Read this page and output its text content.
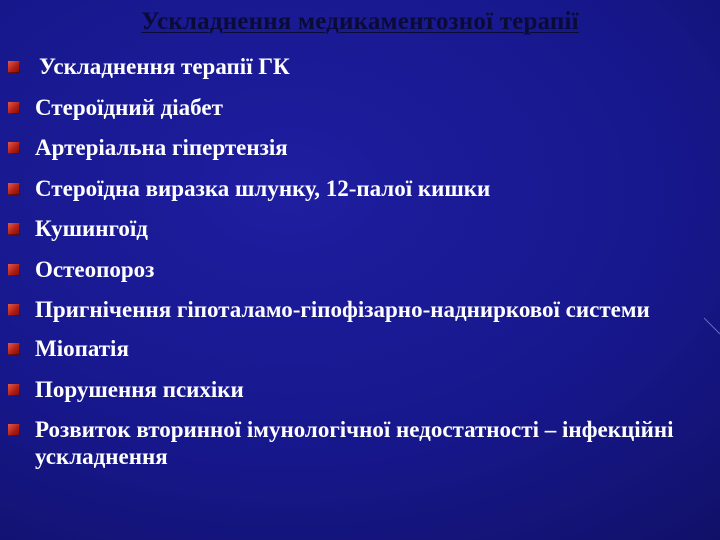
Ускладнення медикаментозної терапії
Ускладнення терапії ГК
Стероїдний діабет
Артеріальна гіпертензія
Стероїдна виразка шлунку, 12-палої кишки
Кушингоїд
Остеопороз
Пригнічення гіпоталамо-гіпофізарно-надниркової системи
Міопатія
Порушення психіки
Розвиток вторинної імунологічної недостатності – інфекційні ускладнення
